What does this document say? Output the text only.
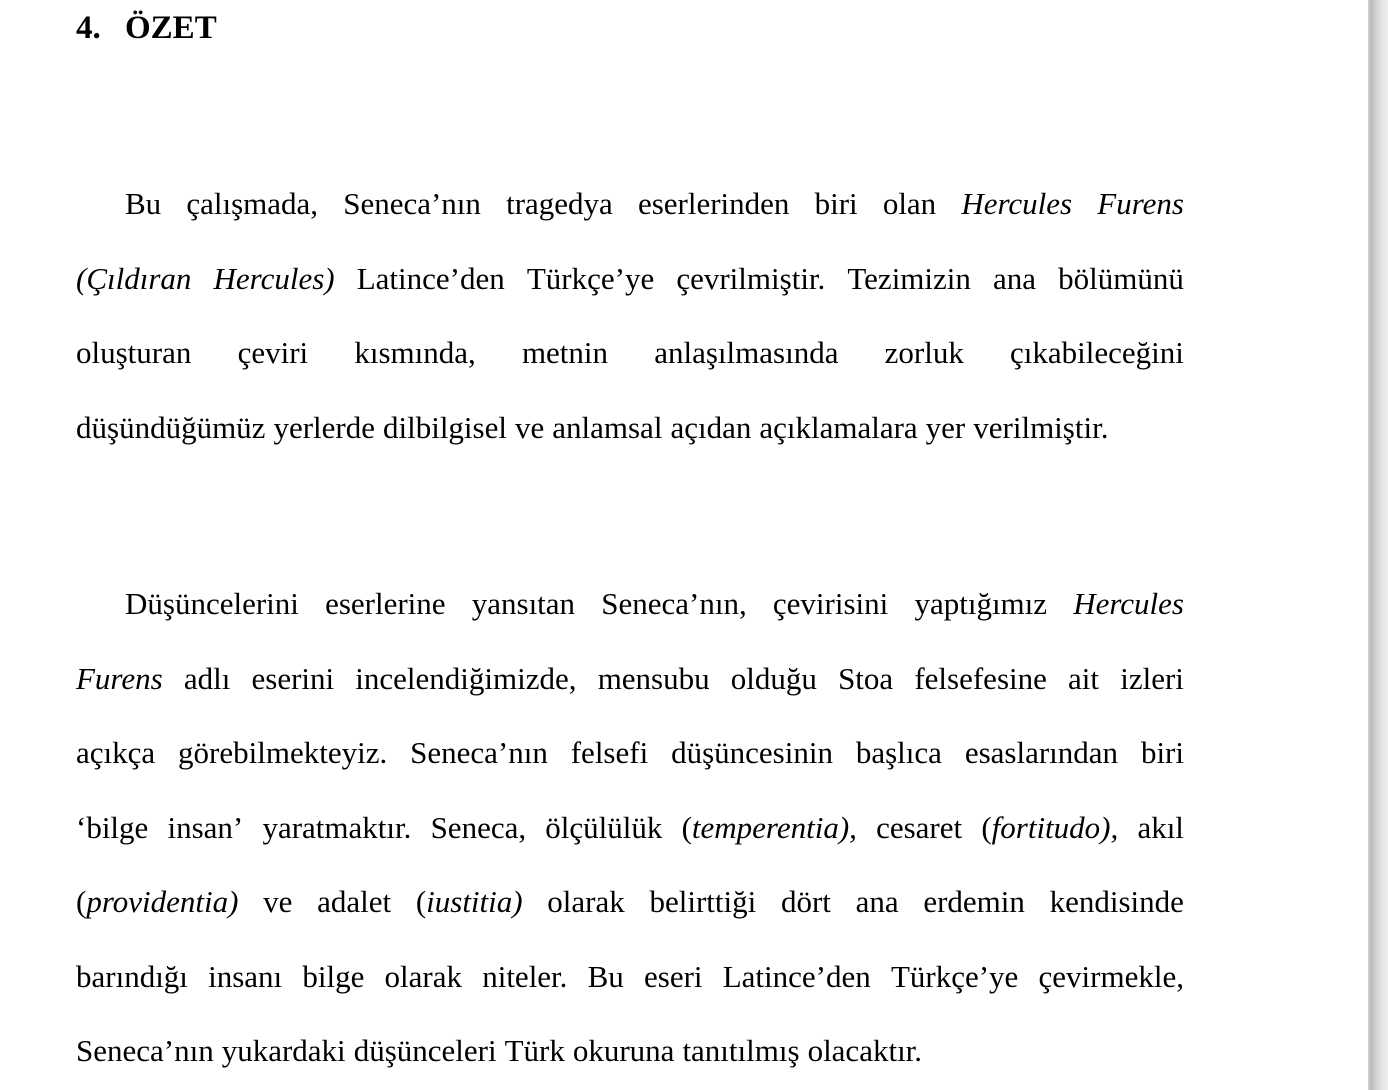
4. ÖZET
Bu çalışmada, Seneca’nın tragedya eserlerinden biri olan Hercules Furens
(Çıldıran Hercules) Latince’den Türkçe’ye çevrilmiştir. Tezimizin ana bölümünü
oluşturan çeviri kısmında, metnin anlaşılmasında zorluk çıkabileceğini
düşündüğümüz yerlerde dilbilgisel ve anlamsal açıdan açıklamalara yer verilmiştir.
Düşüncelerini eserlerine yansıtan Seneca’nın, çevirisini yaptığımız Hercules
Furens adlı eserini incelendiğimizde, mensubu olduğu Stoa felsefesine ait izleri
açıkça görebilmekteyiz. Seneca’nın felsefi düşüncesinin başlıca esaslarından biri
‘bilge insan’ yaratmaktır. Seneca, ölçülülük (temperentia), cesaret (fortitudo), akıl
(providentia) ve adalet (iustitia) olarak belirttiği dört ana erdemin kendisinde
barındığı insanı bilge olarak niteler. Bu eseri Latince’den Türkçe’ye çevirmekle,
Seneca’nın yukardaki düşünceleri Türk okuruna tanıtılmış olacaktır.
